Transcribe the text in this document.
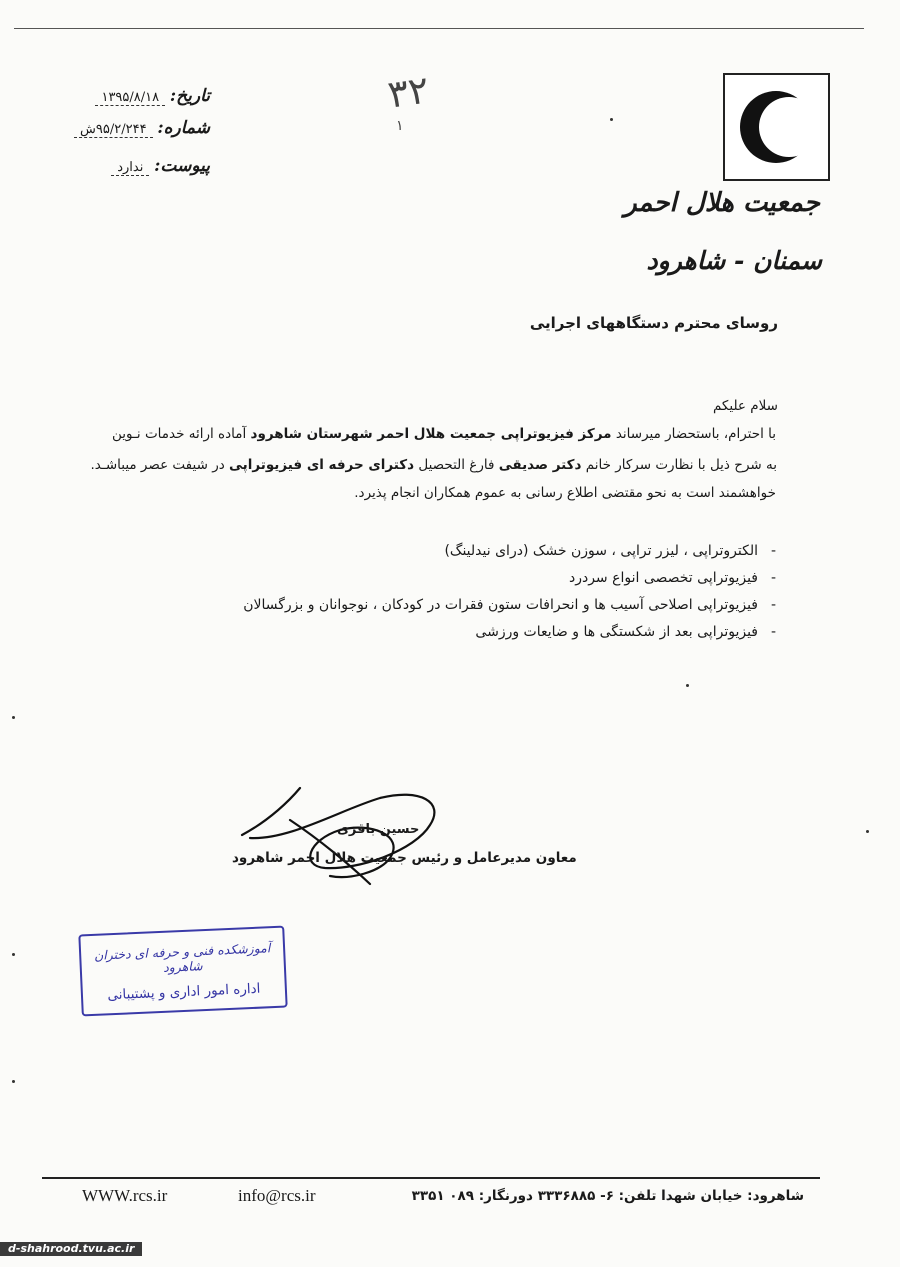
جمعیت هلال احمر
سمنان - شاهرود
تاریخ: ۱۳۹۵/۸/۱۸
شماره: ۹۵/۲/۲۴۴ش
پیوست: ندارد
۳۲
١
روسای محترم دستگاههای اجرایی
سلام علیکم
با احترام، باستحضار میرساند مرکز فیزیوتراپی جمعیت هلال احمر شهرستان شاهرود آماده ارائه خدمات نـوین
به شرح ذیل با نظارت سرکار خانم دکتر صدیقی فارغ التحصیل دکترای حرفه ای فیزیوتراپی در شیفت عصر میباشـد.
خواهشمند است به نحو مقتضی اطلاع رسانی به عموم همکاران انجام پذیرد.
-الکتروتراپی ، لیزر تراپی ، سوزن خشک (درای نیدلینگ)
-فیزیوتراپی تخصصی انواع سردرد
-فیزیوتراپی اصلاحی آسیب ها و انحرافات ستون فقرات در کودکان ، نوجوانان و بزرگسالان
-فیزیوتراپی بعد از شکستگی ها و ضایعات ورزشی
حسین باقری
معاون مدیرعامل و رئیس جمعیت هلال احمر شاهرود
آموزشکده فنی و حرفه ای دختران شاهرود
اداره امور اداری و پشتیبانی
شاهرود: خیابان شهدا تلفن: ۶- ۳۳۳۶۸۸۵ دورنگار: ۰۸۹ ۳۳۵۱
info@rcs.ir
WWW.rcs.ir
d-shahrood.tvu.ac.ir
